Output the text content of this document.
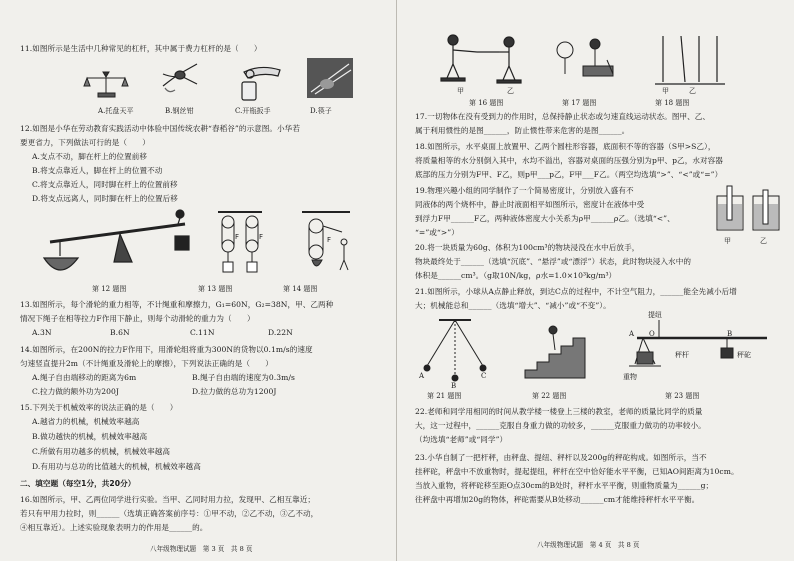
11.如图所示是生活中几种常见的杠杆，其中属于费力杠杆的是（　　）
A.托盘天平	B.钢丝钳	C.开瓶扳手	D.筷子
12.如图是小华在劳动教育实践活动中体验中国传统农耕“舂稻谷”的示意图。小华若
要更省力，下列做法可行的是（　　）
A.支点不动，脚在杆上的位置前移
B.将支点靠近人，脚在杆上的位置不动
C.将支点靠近人，同时脚在杆上的位置前移
D.将支点远离人，同时脚在杆上的位置后移
F	F	F
第 12 题图	第 13 题图	第 14 题图
13.如图所示，每个滑轮的重力相等，不计绳重和摩擦力，G₁=60N，G₂=38N，甲、乙两种
情况下绳子在相等拉力F作用下静止，则每个动滑轮的重力为（　　）
A.3N	B.6N	C.11N	D.22N
14.如图所示，在200N的拉力F作用下，用滑轮组将重为300N的货物以0.1m/s的速度
匀速竖直提升2m（不计绳重及滑轮上的摩擦），下列说法正确的是（　　）
A.绳子自由端移动的距离为6m	B.绳子自由端的速度为0.3m/s
C.拉力做的额外功为200J	D.拉力做的总功为1200J
15.下列关于机械效率的说法正确的是（　　）
A.越省力的机械，机械效率越高
B.做功越快的机械，机械效率越高
C.所做有用功越多的机械，机械效率越高
D.有用功与总功的比值越大的机械，机械效率越高
二、填空题（每空1分，共20分）
16.如图所示，甲、乙两位同学进行实验。当甲、乙同时用力拉，发现甲、乙相互靠近；
若只有甲用力拉时，则______（选填正确答案前序号：①甲不动，②乙不动，③乙不动，
④相互靠近）。上述实验现象表明力的作用是______的。
八年级物理试题　第 3 页　共 8 页
甲	乙	甲	乙
第 16 题图	第 17 题图	第 18 题图
17.一切物体在没有受到力的作用时，总保持静止状态或匀速直线运动状态。图甲、乙、
属于利用惯性的是图______，防止惯性带来危害的是图______。
18.如图所示，水平桌面上放置甲、乙两个圆柱形容器，底面积不等的容器（S甲>S乙），
将质量相等的水分别倒入其中，水均不溢出，容器对桌面的压强分别为p甲、p乙，水对容器
底部的压力分别为F甲、F乙，则p甲___p乙，F甲___F乙。（两空均选填“>”、“<”或“=”）
19.物理兴趣小组的同学制作了一个简易密度计，分别放入盛有不
同液体的两个烧杯中，静止时液面相平如图所示，密度计在液体中受
到浮力F甲______F乙，两种液体密度大小关系为ρ甲______ρ乙。（选填“<”、
“=”或“>”）
甲	乙
20.将一块质量为60g、体积为100cm³的物块浸没在水中后放手，
物块最终处于______（选填“沉底”、“悬浮”或“漂浮”）状态，此时物块浸入水中的
体积是______cm³。（g取10N/kg，ρ水=1.0×10³kg/m³）
21.如图所示，小球从A点静止释放，到达C点的过程中，不计空气阻力，______能全先减小后增
大；机械能总和______（选填“增大”、“减小”或“不变”）。
A
B
C
提纽
A O	B
秤杆	秤砣
重物
第 21 题图	第 22 题图	第 23 题图
22.老师和同学用相同的时间从教学楼一楼登上三楼的教室，老师的质量比同学的质量
大，这一过程中，______克服自身重力做的功较多，______克服重力做功的功率较小。
（均选填“老师”或“同学”）
23.小华自制了一把杆秤，由秤盘、提纽、秤杆以及200g的秤砣构成。如图所示，当不
挂秤砣，秤盘中不放重物时，提起提纽，秤杆在空中恰好能水平平衡，已知AO间距离为10cm。
当放入重物，将秤砣移至距O点30cm的B处时，秤杆水平平衡，则重物质量为______g；
往秤盘中再增加20g的物体，秤砣需要从B处移动______cm才能维持秤杆水平平衡。
八年级物理试题　第 4 页　共 8 页
